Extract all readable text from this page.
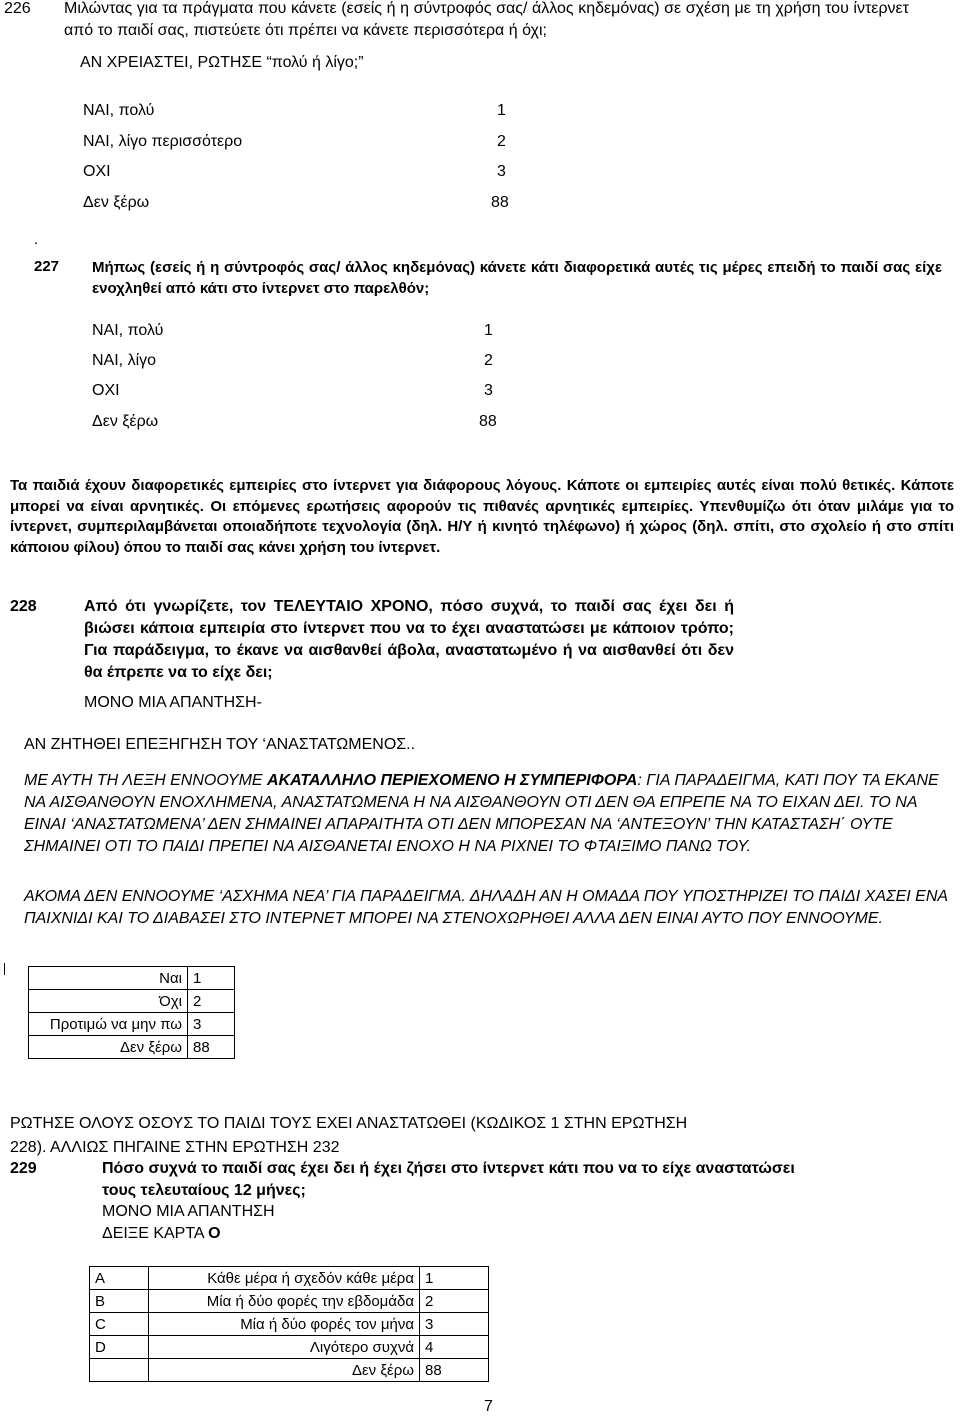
226 Μιλώντας για τα πράγματα που κάνετε (εσείς ή η σύντροφός σας/ άλλος κηδεμόνας) σε σχέση με τη χρήση του ίντερνετ από το παιδί σας, πιστεύετε ότι πρέπει να κάνετε περισσότερα ή όχι;
ΑΝ ΧΡΕΙΑΣΤΕΙ, ΡΩΤΗΣΕ “πολύ ή λίγο;”
ΝΑΙ, πολύ	1
ΝΑΙ, λίγο περισσότερο	2
ΟΧΙ	3
Δεν ξέρω	88
.
227 Μήπως (εσείς ή η σύντροφός σας/ άλλος κηδεμόνας) κάνετε κάτι διαφορετικά αυτές τις μέρες επειδή το παιδί σας είχε ενοχληθεί από κάτι στο ίντερνετ στο παρελθόν;
ΝΑΙ, πολύ	1
ΝΑΙ, λίγο	2
ΟΧΙ	3
Δεν ξέρω	88
Τα παιδιά έχουν διαφορετικές εμπειρίες στο ίντερνετ για διάφορους λόγους. Κάποτε οι εμπειρίες αυτές είναι πολύ θετικές. Κάποτε μπορεί να είναι αρνητικές. Οι επόμενες ερωτήσεις αφορούν τις πιθανές αρνητικές εμπειρίες. Υπενθυμίζω ότι όταν μιλάμε για το ίντερνετ, συμπεριλαμβάνεται οποιαδήποτε τεχνολογία (δηλ. Η/Υ ή κινητό τηλέφωνο) ή χώρος (δηλ. σπίτι, στο σχολείο ή στο σπίτι κάποιου φίλου) όπου το παιδί σας κάνει χρήση του ίντερνετ.
228	Από ότι γνωρίζετε, τον ΤΕΛΕΥΤΑΙΟ ΧΡΟΝΟ, πόσο συχνά, το παιδί σας έχει δει ή βιώσει κάποια εμπειρία στο ίντερνετ που να το έχει αναστατώσει με κάποιον τρόπο; Για παράδειγμα, το έκανε να αισθανθεί άβολα, αναστατωμένο ή να αισθανθεί ότι δεν θα έπρεπε να το είχε δει;
ΜΟΝΟ ΜΙΑ ΑΠΑΝΤΗΣΗ-
ΑΝ ΖΗΤΗΘΕΙ ΕΠΕΞΗΓΗΣΗ ΤΟΥ ‘ΑΝΑΣΤΑΤΩΜΕΝΟΣ..
ΜΕ ΑΥΤΗ ΤΗ ΛΕΞΗ ΕΝΝΟΟΥΜΕ ΑΚΑΤΑΛΛΗΛΟ ΠΕΡΙΕΧΟΜΕΝΟ Η ΣΥΜΠΕΡΙΦΟΡΑ: ΓΙΑ ΠΑΡΑΔΕΙΓΜΑ, ΚΑΤΙ ΠΟΥ ΤΑ ΕΚΑΝΕ ΝΑ ΑΙΣΘΑΝΘΟΥΝ ΕΝΟΧΛΗΜΕΝΑ, ΑΝΑΣΤΑΤΩΜΕΝΑ Η ΝΑ ΑΙΣΘΑΝΘΟΥΝ ΟΤΙ ΔΕΝ ΘΑ ΕΠΡΕΠΕ ΝΑ ΤΟ ΕΙΧΑΝ ΔΕΙ. ΤΟ ΝΑ ΕΙΝΑΙ ‘ΑΝΑΣΤΑΤΩΜΕΝΑ’ ΔΕΝ ΣΗΜΑΙΝΕΙ ΑΠΑΡΑΙΤΗΤΑ ΟΤΙ ΔΕΝ ΜΠΟΡΕΣΑΝ ΝΑ ‘ΑΝΤΕΞΟΥΝ’ ΤΗΝ ΚΑΤΑΣΤΑΣΗ΄ ΟΥΤΕ ΣΗΜΑΙΝΕΙ ΟΤΙ ΤΟ ΠΑΙΔΙ ΠΡΕΠΕΙ ΝΑ ΑΙΣΘΑΝΕΤΑΙ ΕΝΟΧΟ Η ΝΑ ΡΙΧΝΕΙ ΤΟ ΦΤΑΙΞΙΜΟ ΠΑΝΩ ΤΟΥ.
ΑΚΟΜΑ ΔΕΝ ΕΝΝΟΟΥΜΕ ‘ΑΣΧΗΜΑ ΝΕΑ’ ΓΙΑ ΠΑΡΑΔΕΙΓΜΑ. ΔΗΛΑΔΗ ΑΝ Η ΟΜΑΔΑ ΠΟΥ ΥΠΟΣΤΗΡΙΖΕΙ ΤΟ ΠΑΙΔΙ ΧΑΣΕΙ ΕΝΑ ΠΑΙΧΝΙΔΙ ΚΑΙ ΤΟ ΔΙΑΒΑΣΕΙ ΣΤΟ ΙΝΤΕΡΝΕΤ ΜΠΟΡΕΙ ΝΑ ΣΤΕΝΟΧΩΡΗΘΕΙ ΑΛΛΑ ΔΕΝ ΕΙΝΑΙ ΑΥΤΟ ΠΟΥ ΕΝΝΟΟΥΜΕ.
Ναι	1
Όχι	2
Προτιμώ να μην πω	3
Δεν ξέρω	88
ΡΩΤΗΣΕ ΟΛΟΥΣ ΟΣΟΥΣ ΤΟ ΠΑΙΔΙ ΤΟΥΣ ΕΧΕΙ ΑΝΑΣΤΑΤΩΘΕΙ (ΚΩΔΙΚΟΣ 1 ΣΤΗΝ ΕΡΩΤΗΣΗ
228). ΑΛΛΙΩΣ ΠΗΓΑΙΝΕ ΣΤΗΝ ΕΡΩΤΗΣΗ 232
229	Πόσο συχνά το παιδί σας έχει δει ή έχει ζήσει στο ίντερνετ κάτι που να το είχε αναστατώσει τους τελευταίους 12 μήνες;
ΜΟΝΟ ΜΙΑ ΑΠΑΝΤΗΣΗ
ΔΕΙΞΕ ΚΑΡΤΑ Ο
A	Κάθε μέρα ή σχεδόν κάθε μέρα	1
B	Μία ή δύο φορές την εβδομάδα	2
C	Μία ή δύο φορές τον μήνα	3
D	Λιγότερο συχνά	4
	Δεν ξέρω	88
7
